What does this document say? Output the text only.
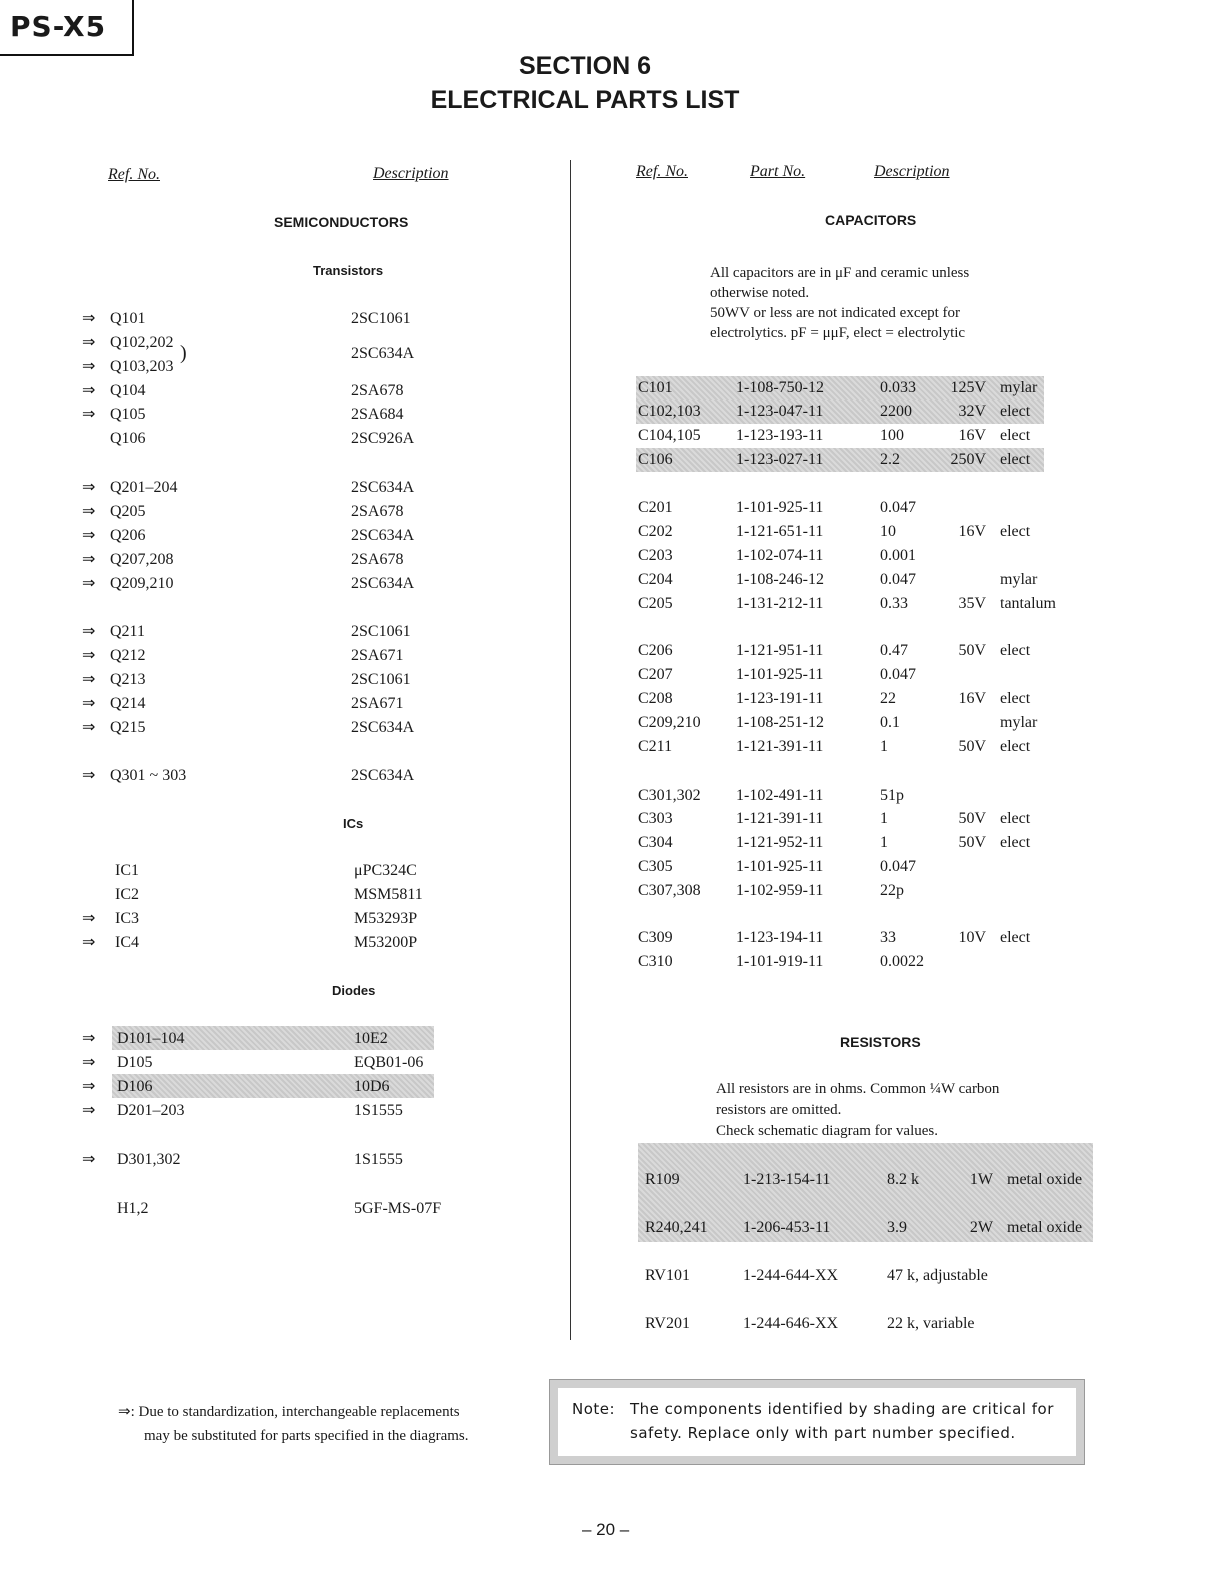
PS-X5
SECTION 6
ELECTRICAL PARTS LIST
Ref. No.	Description
SEMICONDUCTORS
Transistors
ICs
Diodes
)
⇒ Q101	2SC1061
⇒ Q102,202
⇒ Q103,203
2SC634A
⇒ Q104	2SA678
⇒ Q105	2SA684
Q106	2SC926A
⇒ Q201–204	2SC634A
⇒ Q205	2SA678
⇒ Q206	2SC634A
⇒ Q207,208	2SA678
⇒ Q209,210	2SC634A
⇒ Q211	2SC1061
⇒ Q212	2SA671
⇒ Q213	2SC1061
⇒ Q214	2SA671
⇒ Q215	2SC634A
⇒ Q301 ~ 303	2SC634A
IC1	μPC324C
IC2	MSM5811
⇒ IC3	M53293P
⇒ IC4	M53200P
⇒ D101–104	10E2
⇒ D105	EQB01-06
⇒ D106	10D6
⇒ D201–203	1S1555
⇒ D301,302	1S1555
H1,2	5GF-MS-07F
Ref. No.	Part No.	Description
CAPACITORS
All capacitors are in μF and ceramic unless
otherwise noted.
50WV or less are not indicated except for
electrolytics. pF = μμF, elect = electrolytic
C101	1-108-750-12	0.033	125V mylar
C102,103 1-123-047-11	2200	32V elect
C104,105 1-123-193-11	100	16V elect
C106	1-123-027-11	2.2	250V elect
C201	1-101-925-11	0.047
C202	1-121-651-11	10	16V elect
C203	1-102-074-11	0.001
C204	1-108-246-12	0.047	mylar
C205	1-131-212-11	0.33	35V tantalum
C206	1-121-951-11	0.47	50V elect
C207	1-101-925-11	0.047
C208	1-123-191-11	22	16V elect
C209,210 1-108-251-12	0.1	mylar
C211	1-121-391-11	1	50V elect
C301,302 1-102-491-11	51p
C303	1-121-391-11	1	50V elect
C304	1-121-952-11	1	50V elect
C305	1-101-925-11	0.047
C307,308 1-102-959-11	22p
C309	1-123-194-11	33	10V elect
C310	1-101-919-11	0.0022
RESISTORS
All resistors are in ohms. Common ¼W carbon
resistors are omitted.
Check schematic diagram for values.
R109	1-213-154-11	8.2 k	1W metal oxide
R240,241 1-206-453-11	3.9	2W metal oxide
RV101	1-244-644-XX	47 k, adjustable
RV201	1-244-646-XX	22 k, variable
⇒: Due to standardization, interchangeable replacements
may be substituted for parts specified in the diagrams.
Note: The components identified by shading are critical for
safety. Replace only with part number specified.
– 20 –
